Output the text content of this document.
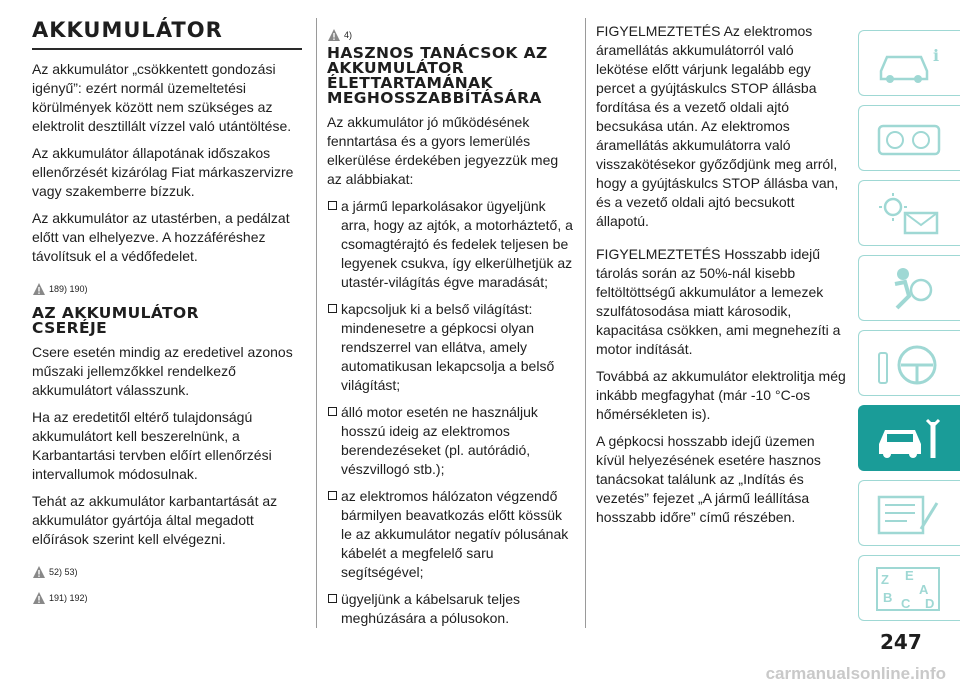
AKKUMULÁTOR

Az akkumulátor „csökkentett gondozási igényű”: ezért normál üzemeltetési körülmények között nem szükséges az elektrolit desztillált vízzel való utántöltése.

Az akkumulátor állapotának időszakos ellenőrzését kizárólag Fiat márkaszervizre vagy szakemberre bízzuk.

Az akkumulátor az utastérben, a pedálzat előtt van elhelyezve. A hozzáféréshez távolítsuk el a védőfedelet.

189) 190)
AZ AKKUMULÁTOR
CSERÉJE

Csere esetén mindig az eredetivel azonos műszaki jellemzőkkel rendelkező akkumulátort válasszunk.

Ha az eredetitől eltérő tulajdonságú akkumulátort kell beszerelnünk, a Karbantartási tervben előírt ellenőrzési intervallumok módosulnak.

Tehát az akkumulátor karbantartását az akkumulátor gyártója által megadott előírások szerint kell elvégezni.

52) 53)
191) 192)
4)
HASZNOS TANÁCSOK AZ
AKKUMULÁTOR
ÉLETTARTAMÁNAK
MEGHOSSZABBÍTÁSÁRA

Az akkumulátor jó működésének fenntartása és a gyors lemerülés elkerülése érdekében jegyezzük meg az alábbiakat:

a jármű leparkolásakor ügyeljünk arra, hogy az ajtók, a motorháztető, a csomagtérajtó és fedelek teljesen be legyenek csukva, így elkerülhetjük az utastér-világítás égve maradását;
kapcsoljuk ki a belső világítást: mindenesetre a gépkocsi olyan rendszerrel van ellátva, amely automatikusan lekapcsolja a belső világítást;
álló motor esetén ne használjuk hosszú ideig az elektromos berendezéseket (pl. autórádió, vészvillogó stb.);
az elektromos hálózaton végzendő bármilyen beavatkozás előtt kössük le az akkumulátor negatív pólusának kábelét a megfelelő saru segítségével;
ügyeljünk a kábelsaruk teljes meghúzására a pólusokon.

FIGYELMEZTETÉS Az elektromos áramellátás akkumulátorról való lekötése előtt várjunk legalább egy percet a gyújtáskulcs STOP állásba fordítása és a vezető oldali ajtó becsukása után. Az elektromos áramellátás akkumulátorra való visszakötésekor győződjünk meg arról, hogy a gyújtáskulcs STOP állásba van, és a vezető oldali ajtó becsukott állapotú.

FIGYELMEZTETÉS Hosszabb idejű tárolás során az 50%-nál kisebb feltöltöttségű akkumulátor a lemezek szulfátosodása miatt károsodik, kapacitása csökken, ami megnehezíti a motor indítását.

Továbbá az akkumulátor elektrolitja még inkább megfagyhat (már -10 °C-os hőmérsékleten is).

A gépkocsi hosszabb idejű üzemen kívül helyezésének esetére hasznos tanácsokat találunk az „Indítás és vezetés” fejezet „A jármű leállítása hosszabb időre” című részében.

i
Z E
A
B C D
247
carmanualsonline.info
